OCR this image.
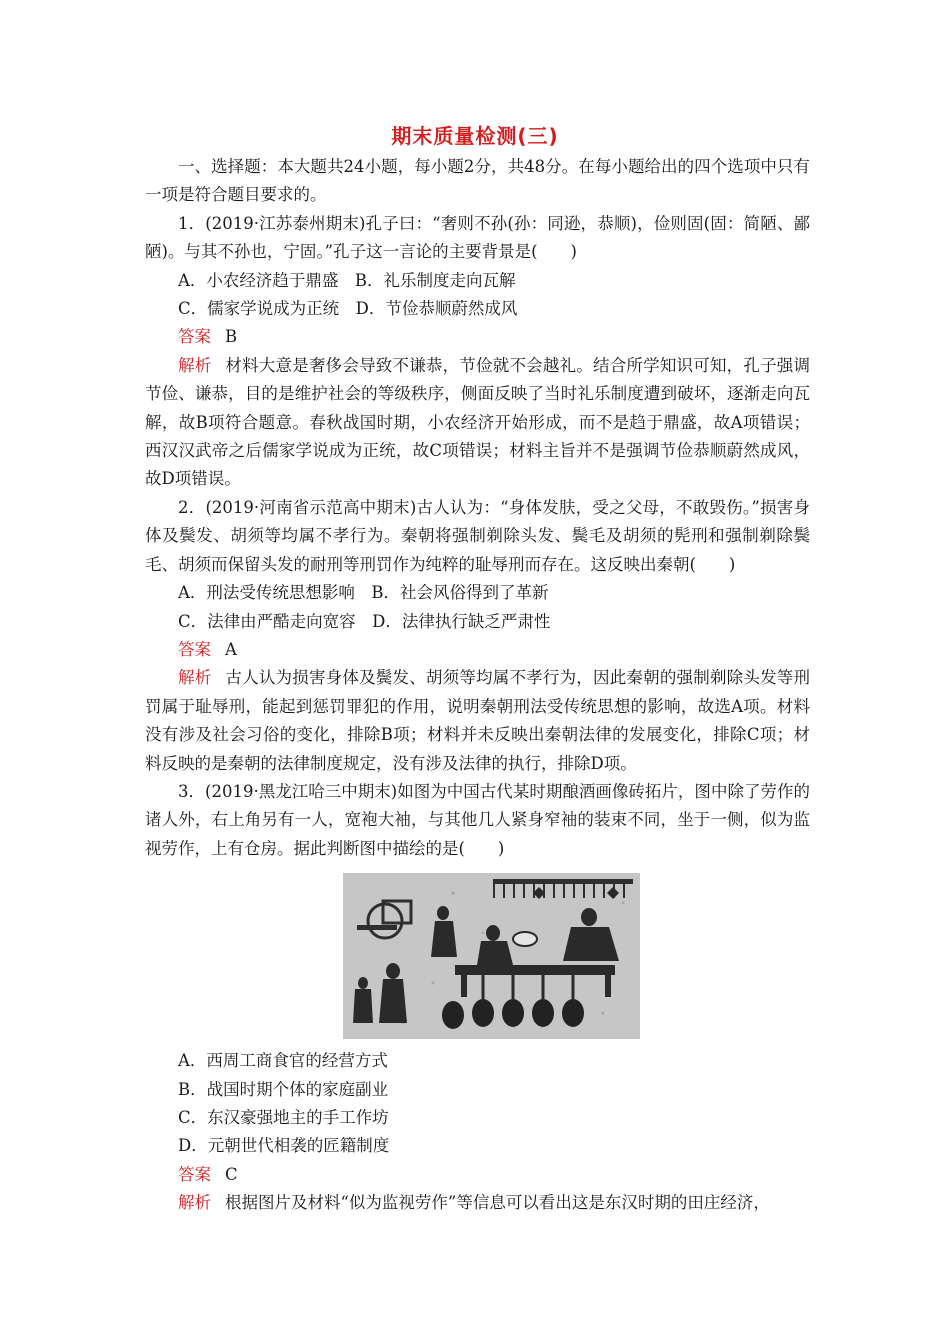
期末质量检测(三)

一、选择题：本大题共24小题，每小题2分，共48分。在每小题给出的四个选项中只有一项是符合题目要求的。

1．(2019·江苏泰州期末)孔子曰：“奢则不孙(孙：同逊，恭顺)，俭则固(固：简陋、鄙陋)。与其不孙也，宁固。”孔子这一言论的主要背景是(　　)

A．小农经济趋于鼎盛　B．礼乐制度走向瓦解

C．儒家学说成为正统　D．节俭恭顺蔚然成风

答案 B

解析 材料大意是奢侈会导致不谦恭，节俭就不会越礼。结合所学知识可知，孔子强调节俭、谦恭，目的是维护社会的等级秩序，侧面反映了当时礼乐制度遭到破坏，逐渐走向瓦解，故B项符合题意。春秋战国时期，小农经济开始形成，而不是趋于鼎盛，故A项错误；西汉汉武帝之后儒家学说成为正统，故C项错误；材料主旨并不是强调节俭恭顺蔚然成风，故D项错误。

2．(2019·河南省示范高中期末)古人认为：“身体发肤，受之父母，不敢毁伤。”损害身体及鬓发、胡须等均属不孝行为。秦朝将强制剃除头发、鬓毛及胡须的髡刑和强制剃除鬓毛、胡须而保留头发的耐刑等刑罚作为纯粹的耻辱刑而存在。这反映出秦朝(　　)

A．刑法受传统思想影响　B．社会风俗得到了革新

C．法律由严酷走向宽容　D．法律执行缺乏严肃性

答案 A

解析 古人认为损害身体及鬓发、胡须等均属不孝行为，因此秦朝的强制剃除头发等刑罚属于耻辱刑，能起到惩罚罪犯的作用，说明秦朝刑法受传统思想的影响，故选A项。材料没有涉及社会习俗的变化，排除B项；材料并未反映出秦朝法律的发展变化，排除C项；材料反映的是秦朝的法律制度规定，没有涉及法律的执行，排除D项。

3．(2019·黑龙江哈三中期末)如图为中国古代某时期酿酒画像砖拓片，图中除了劳作的诸人外，右上角另有一人，宽袍大袖，与其他几人紧身窄袖的装束不同，坐于一侧，似为监视劳作，上有仓房。据此判断图中描绘的是(　　)

A．西周工商食官的经营方式

B．战国时期个体的家庭副业

C．东汉豪强地主的手工作坊

D．元朝世代相袭的匠籍制度

答案 C

解析 根据图片及材料“似为监视劳作”等信息可以看出这是东汉时期的田庄经济，
